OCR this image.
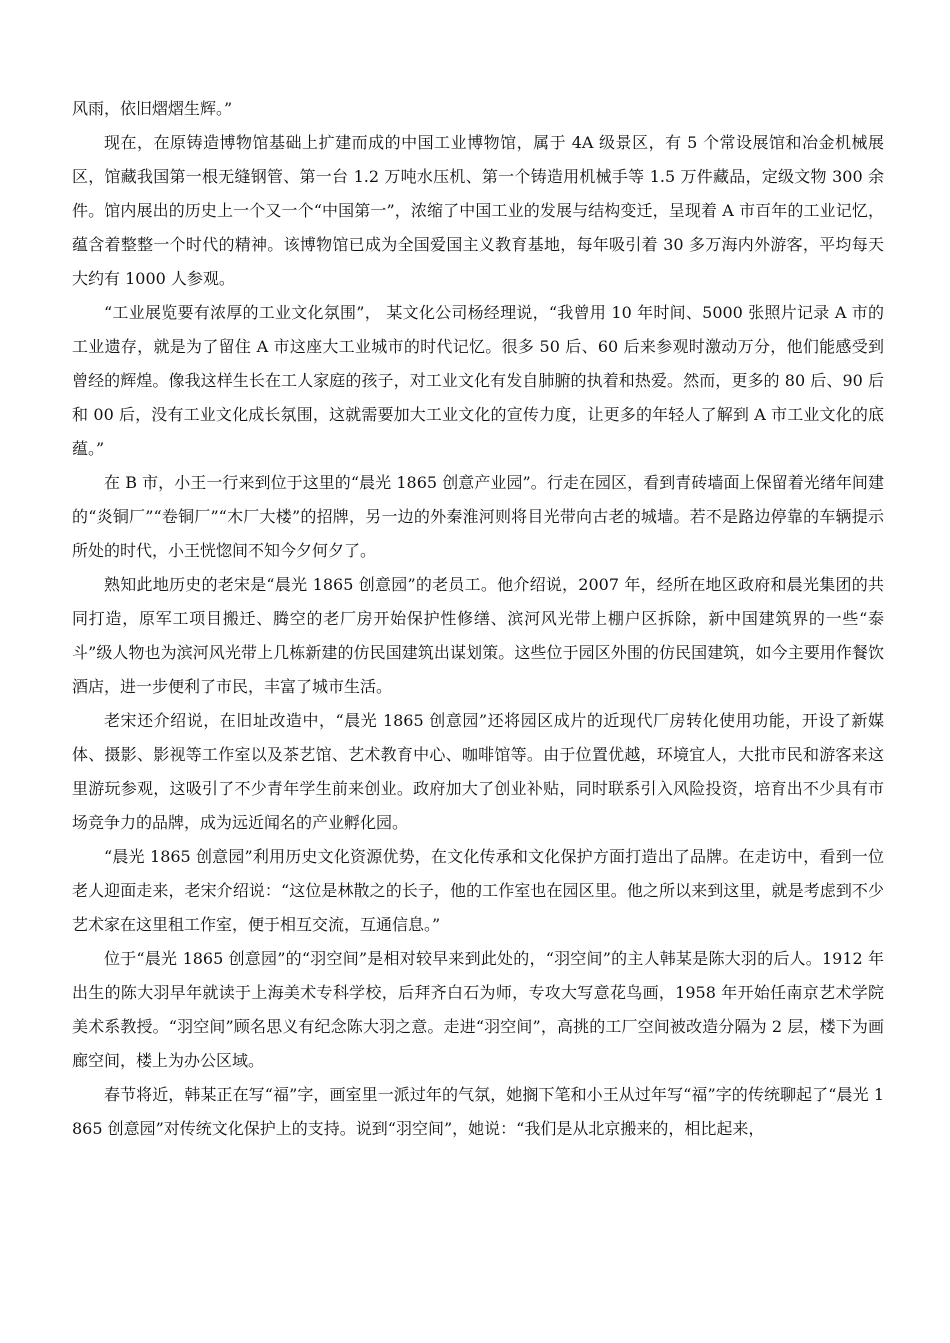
风雨，依旧熠熠生辉。”

现在，在原铸造博物馆基础上扩建而成的中国工业博物馆，属于 4A 级景区，有 5 个常设展馆和冶金机械展区，馆藏我国第一根无缝钢管、第一台 1.2 万吨水压机、第一个铸造用机械手等 1.5 万件藏品，定级文物 300 余件。馆内展出的历史上一个又一个“中国第一”，浓缩了中国工业的发展与结构变迁，呈现着 A 市百年的工业记忆，蕴含着整整一个时代的精神。该博物馆已成为全国爱国主义教育基地，每年吸引着 30 多万海内外游客，平均每天大约有 1000 人参观。

“工业展览要有浓厚的工业文化氛围”， 某文化公司杨经理说，“我曾用 10 年时间、5000 张照片记录 A 市的工业遗存，就是为了留住 A 市这座大工业城市的时代记忆。很多 50 后、60 后来参观时激动万分，他们能感受到曾经的辉煌。像我这样生长在工人家庭的孩子，对工业文化有发自肺腑的执着和热爱。然而，更多的 80 后、90 后和 00 后，没有工业文化成长氛围，这就需要加大工业文化的宣传力度，让更多的年轻人了解到 A 市工业文化的底蕴。”

在 B 市，小王一行来到位于这里的“晨光 1865 创意产业园”。行走在园区，看到青砖墙面上保留着光绪年间建的“炎铜厂”“卷铜厂”“木厂大楼”的招牌，另一边的外秦淮河则将目光带向古老的城墙。若不是路边停靠的车辆提示所处的时代，小王恍惚间不知今夕何夕了。

熟知此地历史的老宋是“晨光 1865 创意园”的老员工。他介绍说，2007 年，经所在地区政府和晨光集团的共同打造，原军工项目搬迁、腾空的老厂房开始保护性修缮、滨河风光带上棚户区拆除，新中国建筑界的一些“泰斗”级人物也为滨河风光带上几栋新建的仿民国建筑出谋划策。这些位于园区外围的仿民国建筑，如今主要用作餐饮酒店，进一步便利了市民，丰富了城市生活。

老宋还介绍说，在旧址改造中，“晨光 1865 创意园”还将园区成片的近现代厂房转化使用功能，开设了新媒体、摄影、影视等工作室以及茶艺馆、艺术教育中心、咖啡馆等。由于位置优越，环境宜人，大批市民和游客来这里游玩参观，这吸引了不少青年学生前来创业。政府加大了创业补贴，同时联系引入风险投资，培育出不少具有市场竞争力的品牌，成为远近闻名的产业孵化园。

“晨光 1865 创意园”利用历史文化资源优势，在文化传承和文化保护方面打造出了品牌。在走访中，看到一位老人迎面走来，老宋介绍说：“这位是林散之的长子，他的工作室也在园区里。他之所以来到这里，就是考虑到不少艺术家在这里租工作室，便于相互交流，互通信息。”

位于“晨光 1865 创意园”的“羽空间”是相对较早来到此处的，“羽空间”的主人韩某是陈大羽的后人。1912 年出生的陈大羽早年就读于上海美术专科学校，后拜齐白石为师，专攻大写意花鸟画，1958 年开始任南京艺术学院美术系教授。“羽空间”顾名思义有纪念陈大羽之意。走进“羽空间”，高挑的工厂空间被改造分隔为 2 层，楼下为画廊空间，楼上为办公区域。

春节将近，韩某正在写“福”字，画室里一派过年的气氛，她搁下笔和小王从过年写“福”字的传统聊起了“晨光 1865 创意园”对传统文化保护上的支持。说到“羽空间”，她说：“我们是从北京搬来的，相比起来，
